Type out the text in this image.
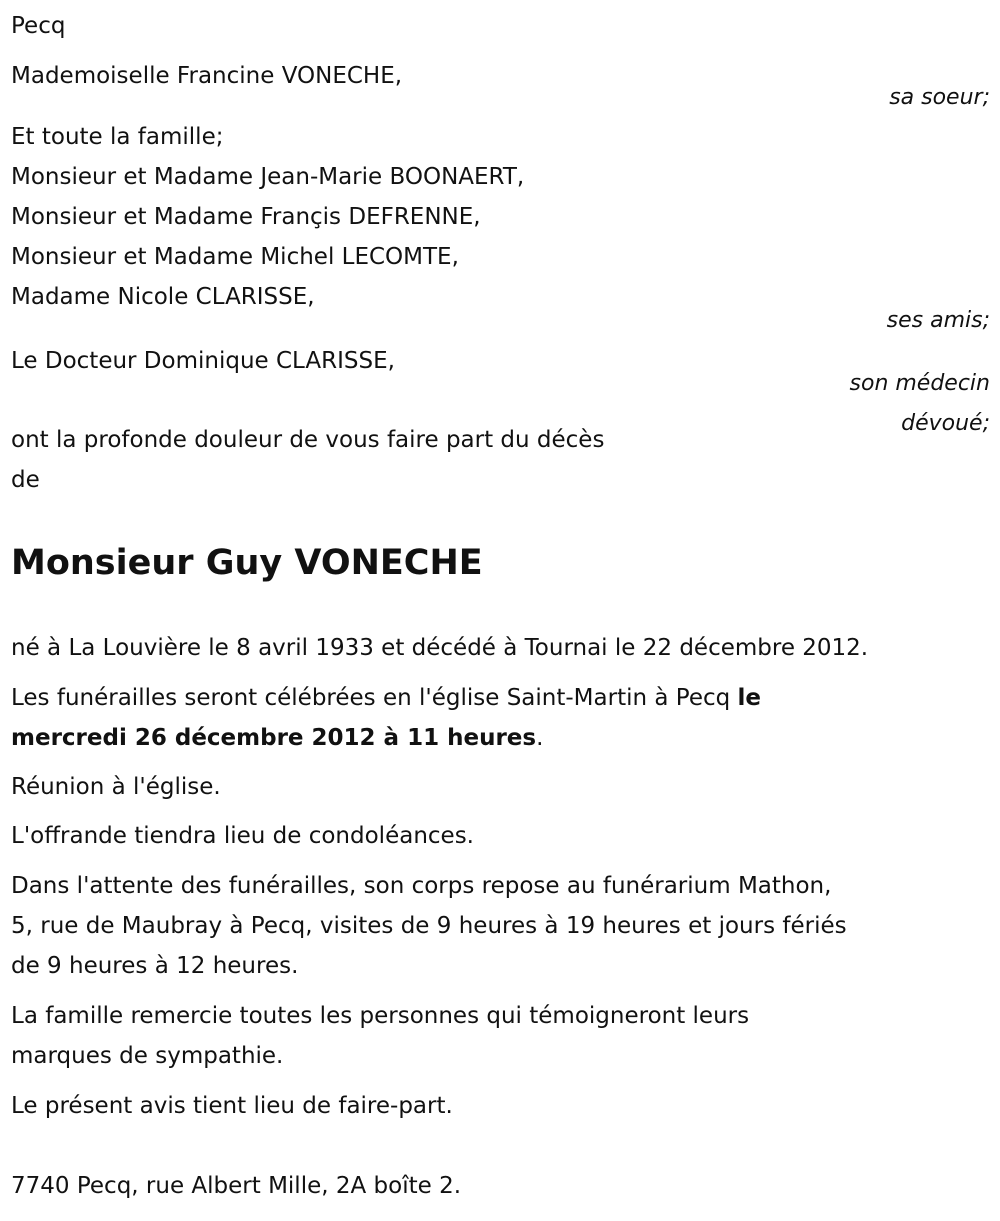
Pecq

Mademoiselle Francine VONECHE,

sa soeur;

Et toute la famille;

Monsieur et Madame Jean-Marie BOONAERT,

Monsieur et Madame Françis DEFRENNE,

Monsieur et Madame Michel LECOMTE,

Madame Nicole CLARISSE,

ses amis;

Le Docteur Dominique CLARISSE,

son médecin

dévoué;

ont la profonde douleur de vous faire part du décès

de

Monsieur Guy VONECHE

né à La Louvière le 8 avril 1933 et décédé à Tournai le 22 décembre 2012.

Les funérailles seront célébrées en l'église Saint-Martin à Pecq le

mercredi 26 décembre 2012 à 11 heures.

Réunion à l'église.

L'offrande tiendra lieu de condoléances.

Dans l'attente des funérailles, son corps repose au funérarium Mathon,

5, rue de Maubray à Pecq, visites de 9 heures à 19 heures et jours fériés

de 9 heures à 12 heures.

La famille remercie toutes les personnes qui témoigneront leurs

marques de sympathie.

Le présent avis tient lieu de faire-part.

7740 Pecq, rue Albert Mille, 2A boîte 2.
